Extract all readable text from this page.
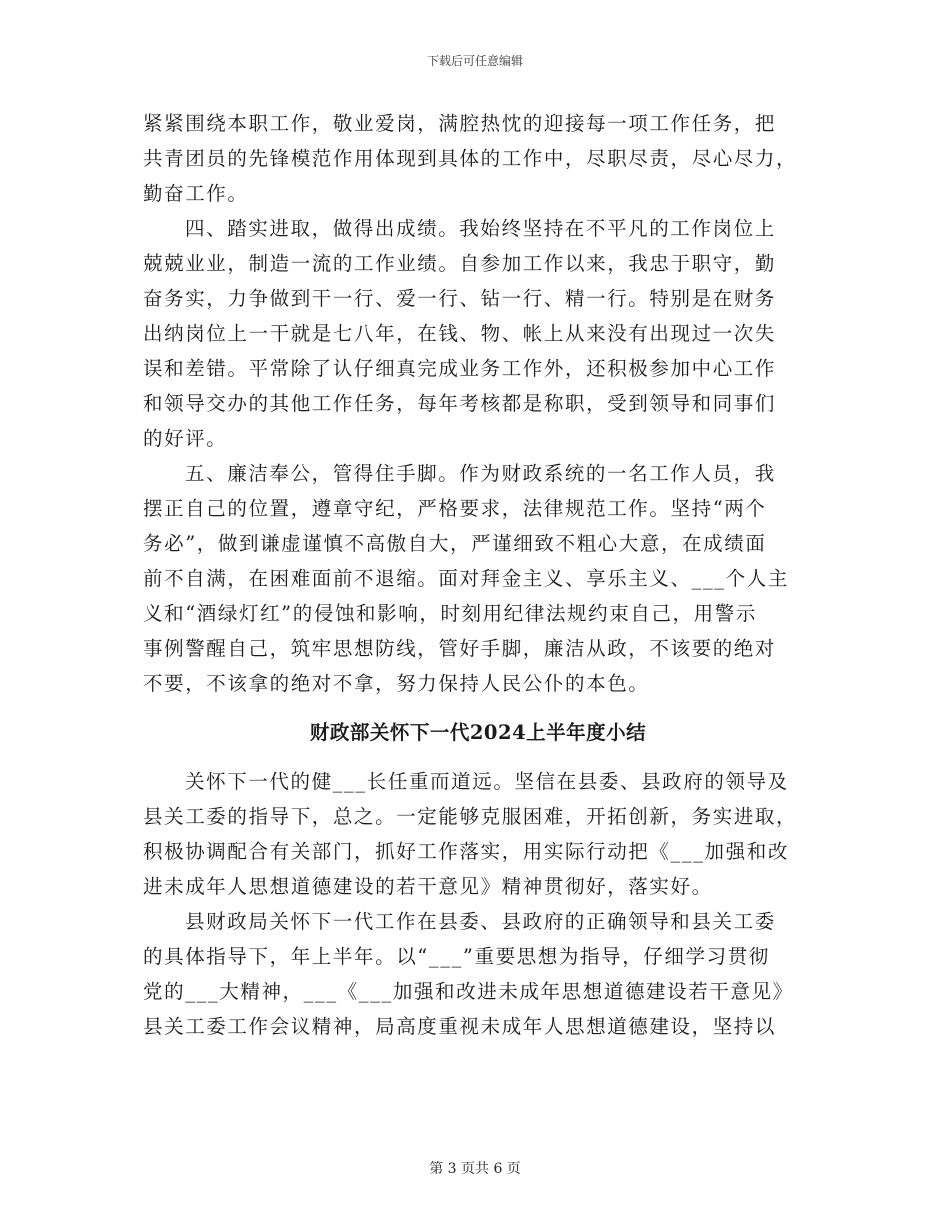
下载后可任意编辑
紧紧围绕本职工作，敬业爱岗，满腔热忱的迎接每一项工作任务，把
共青团员的先锋模范作用体现到具体的工作中，尽职尽责，尽心尽力，
勤奋工作。
四、踏实进取，做得出成绩。我始终坚持在不平凡的工作岗位上
兢兢业业，制造一流的工作业绩。自参加工作以来，我忠于职守，勤
奋务实，力争做到干一行、爱一行、钻一行、精一行。特别是在财务
出纳岗位上一干就是七八年，在钱、物、帐上从来没有出现过一次失
误和差错。平常除了认仔细真完成业务工作外，还积极参加中心工作
和领导交办的其他工作任务，每年考核都是称职，受到领导和同事们
的好评。
五、廉洁奉公，管得住手脚。作为财政系统的一名工作人员，我
摆正自己的位置，遵章守纪，严格要求，法律规范工作。坚持“两个
务必”，做到谦虚谨慎不高傲自大，严谨细致不粗心大意，在成绩面
前不自满，在困难面前不退缩。面对拜金主义、享乐主义、___个人主
义和“酒绿灯红”的侵蚀和影响，时刻用纪律法规约束自己，用警示
事例警醒自己，筑牢思想防线，管好手脚，廉洁从政，不该要的绝对
不要，不该拿的绝对不拿，努力保持人民公仆的本色。
财政部关怀下一代2024上半年度小结
关怀下一代的健___长任重而道远。坚信在县委、县政府的领导及
县关工委的指导下，总之。一定能够克服困难，开拓创新，务实进取，
积极协调配合有关部门，抓好工作落实，用实际行动把《___加强和改
进未成年人思想道德建设的若干意见》精神贯彻好，落实好。
县财政局关怀下一代工作在县委、县政府的正确领导和县关工委
的具体指导下，年上半年。以“___”重要思想为指导，仔细学习贯彻
党的___大精神，___《___加强和改进未成年思想道德建设若干意见》
县关工委工作会议精神，局高度重视未成年人思想道德建设，坚持以
第 3 页共 6 页
